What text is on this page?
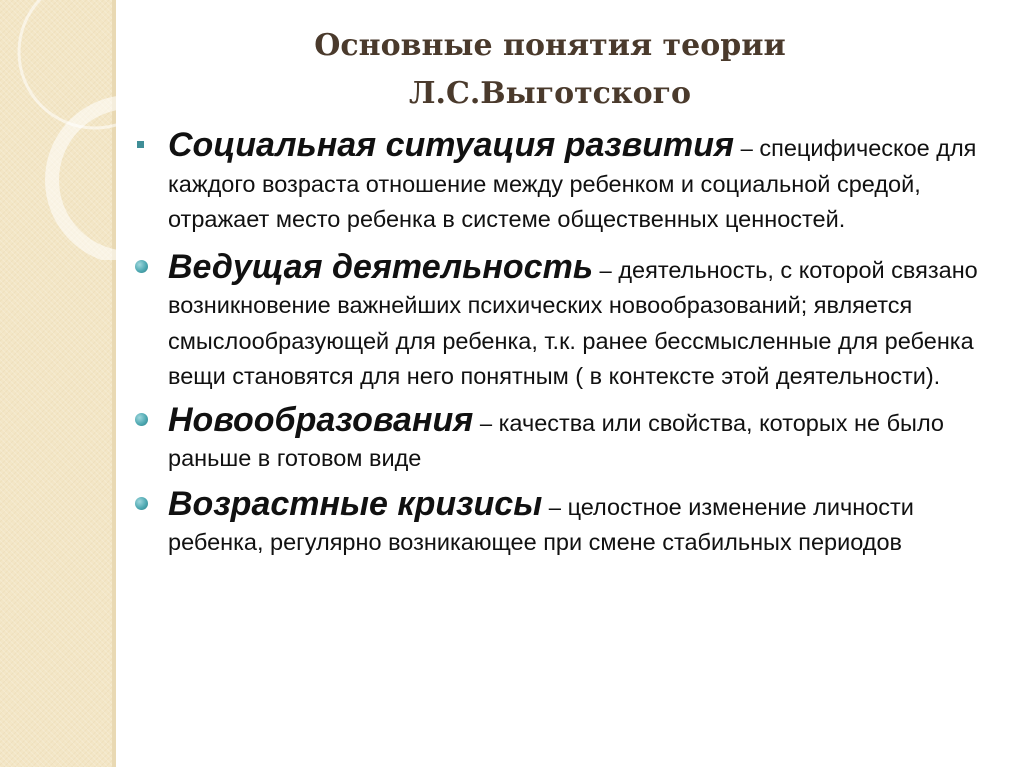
Основные понятия теории
Л.С.Выготского
Социальная ситуация развития – специфическое для каждого возраста отношение между ребенком и социальной средой, отражает место ребенка в системе общественных ценностей.
Ведущая деятельность – деятельность, с которой связано возникновение важнейших психических новообразований; является смыслообразующей для ребенка, т.к. ранее бессмысленные для ребенка вещи становятся для него понятным ( в контексте этой деятельности).
Новообразования – качества или свойства, которых не было раньше в готовом виде
Возрастные кризисы – целостное изменение личности ребенка, регулярно возникающее при смене стабильных периодов
